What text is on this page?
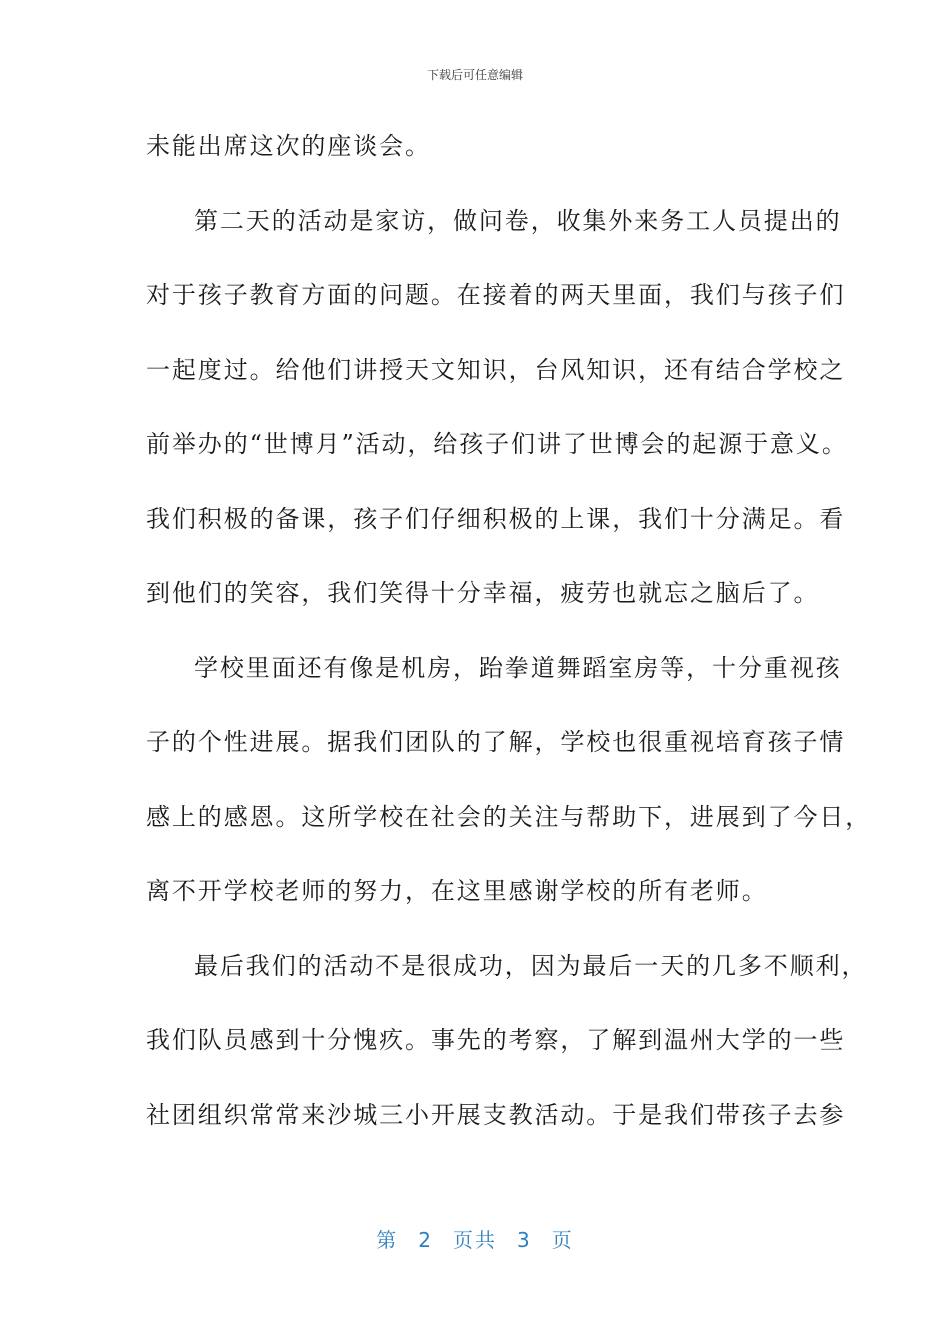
下载后可任意编辑
未能出席这次的座谈会。
第二天的活动是家访，做问卷，收集外来务工人员提出的
对于孩子教育方面的问题。在接着的两天里面，我们与孩子们
一起度过。给他们讲授天文知识，台风知识，还有结合学校之
前举办的“世博月”活动，给孩子们讲了世博会的起源于意义。
我们积极的备课，孩子们仔细积极的上课，我们十分满足。看
到他们的笑容，我们笑得十分幸福，疲劳也就忘之脑后了。
学校里面还有像是机房，跆拳道舞蹈室房等，十分重视孩
子的个性进展。据我们团队的了解，学校也很重视培育孩子情
感上的感恩。这所学校在社会的关注与帮助下，进展到了今日，
离不开学校老师的努力，在这里感谢学校的所有老师。
最后我们的活动不是很成功，因为最后一天的几多不顺利，
我们队员感到十分愧疚。事先的考察，了解到温州大学的一些
社团组织常常来沙城三小开展支教活动。于是我们带孩子去参
第 2 页共 3 页
